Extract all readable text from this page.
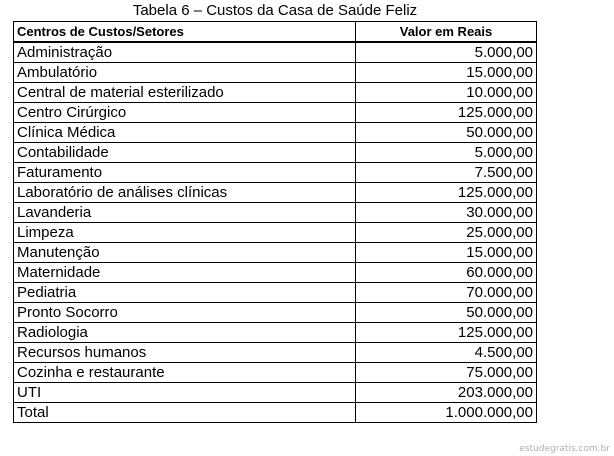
Tabela 6 – Custos da Casa de Saúde Feliz
Centros de Custos/Setores	Valor em Reais
Administração	5.000,00
Ambulatório	15.000,00
Central de material esterilizado	10.000,00
Centro Cirúrgico	125.000,00
Clínica Médica	50.000,00
Contabilidade	5.000,00
Faturamento	7.500,00
Laboratório de análises clínicas	125.000,00
Lavanderia	30.000,00
Limpeza	25.000,00
Manutenção	15.000,00
Maternidade	60.000,00
Pediatria	70.000,00
Pronto Socorro	50.000,00
Radiologia	125.000,00
Recursos humanos	4.500,00
Cozinha e restaurante	75.000,00
UTI	203.000,00
Total	1.000.000,00
estudegratis.com.br
